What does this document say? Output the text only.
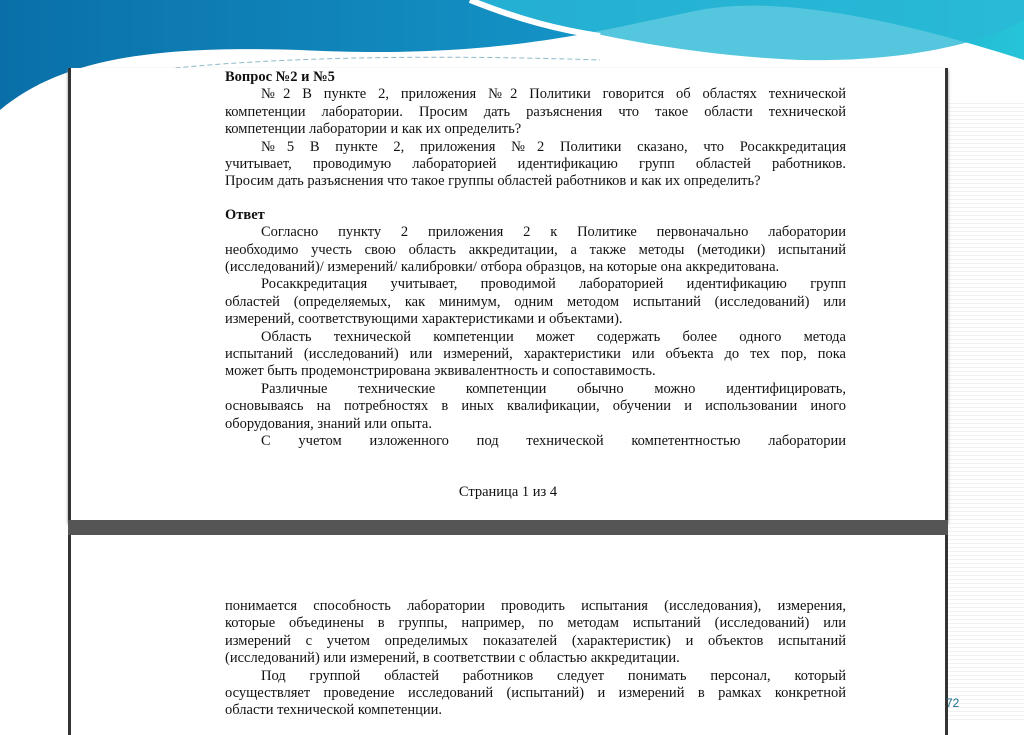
Вопрос №2 и №5
№2 В пункте 2, приложения №2 Политики говорится об областях технической
компетенции лаборатории. Просим дать разъяснения что такое области технической
компетенции лаборатории и как их определить?
№5 В пункте 2, приложения №2 Политики сказано, что Росаккредитация
учитывает, проводимую лабораторией идентификацию групп областей работников.
Просим дать разъяснения что такое группы областей работников и как их определить?
Ответ
Согласно пункту 2 приложения 2 к Политике первоначально лаборатории
необходимо учесть свою область аккредитации, а также методы (методики) испытаний
(исследований)/ измерений/ калибровки/ отбора образцов, на которые она аккредитована.
Росаккредитация учитывает, проводимой лабораторией идентификацию групп
областей (определяемых, как минимум, одним методом испытаний (исследований) или
измерений, соответствующими характеристиками и объектами).
Область технической компетенции может содержать более одного метода
испытаний (исследований) или измерений, характеристики или объекта до тех пор, пока
может быть продемонстрирована эквивалентность и сопоставимость.
Различные технические компетенции обычно можно идентифицировать,
основываясь на потребностях в иных квалификации, обучении и использовании иного
оборудования, знаний или опыта.
С учетом изложенного под технической компетентностью лаборатории
Страница 1 из 4
понимается способность лаборатории проводить испытания (исследования), измерения,
которые объединены в группы, например, по методам испытаний (исследований) или
измерений с учетом определимых показателей (характеристик) и объектов испытаний
(исследований) или измерений, в соответствии с областью аккредитации.
Под группой областей работников следует понимать персонал, который
осуществляет проведение исследований (испытаний) и измерений в рамках конкретной
области технической компетенции.	72
